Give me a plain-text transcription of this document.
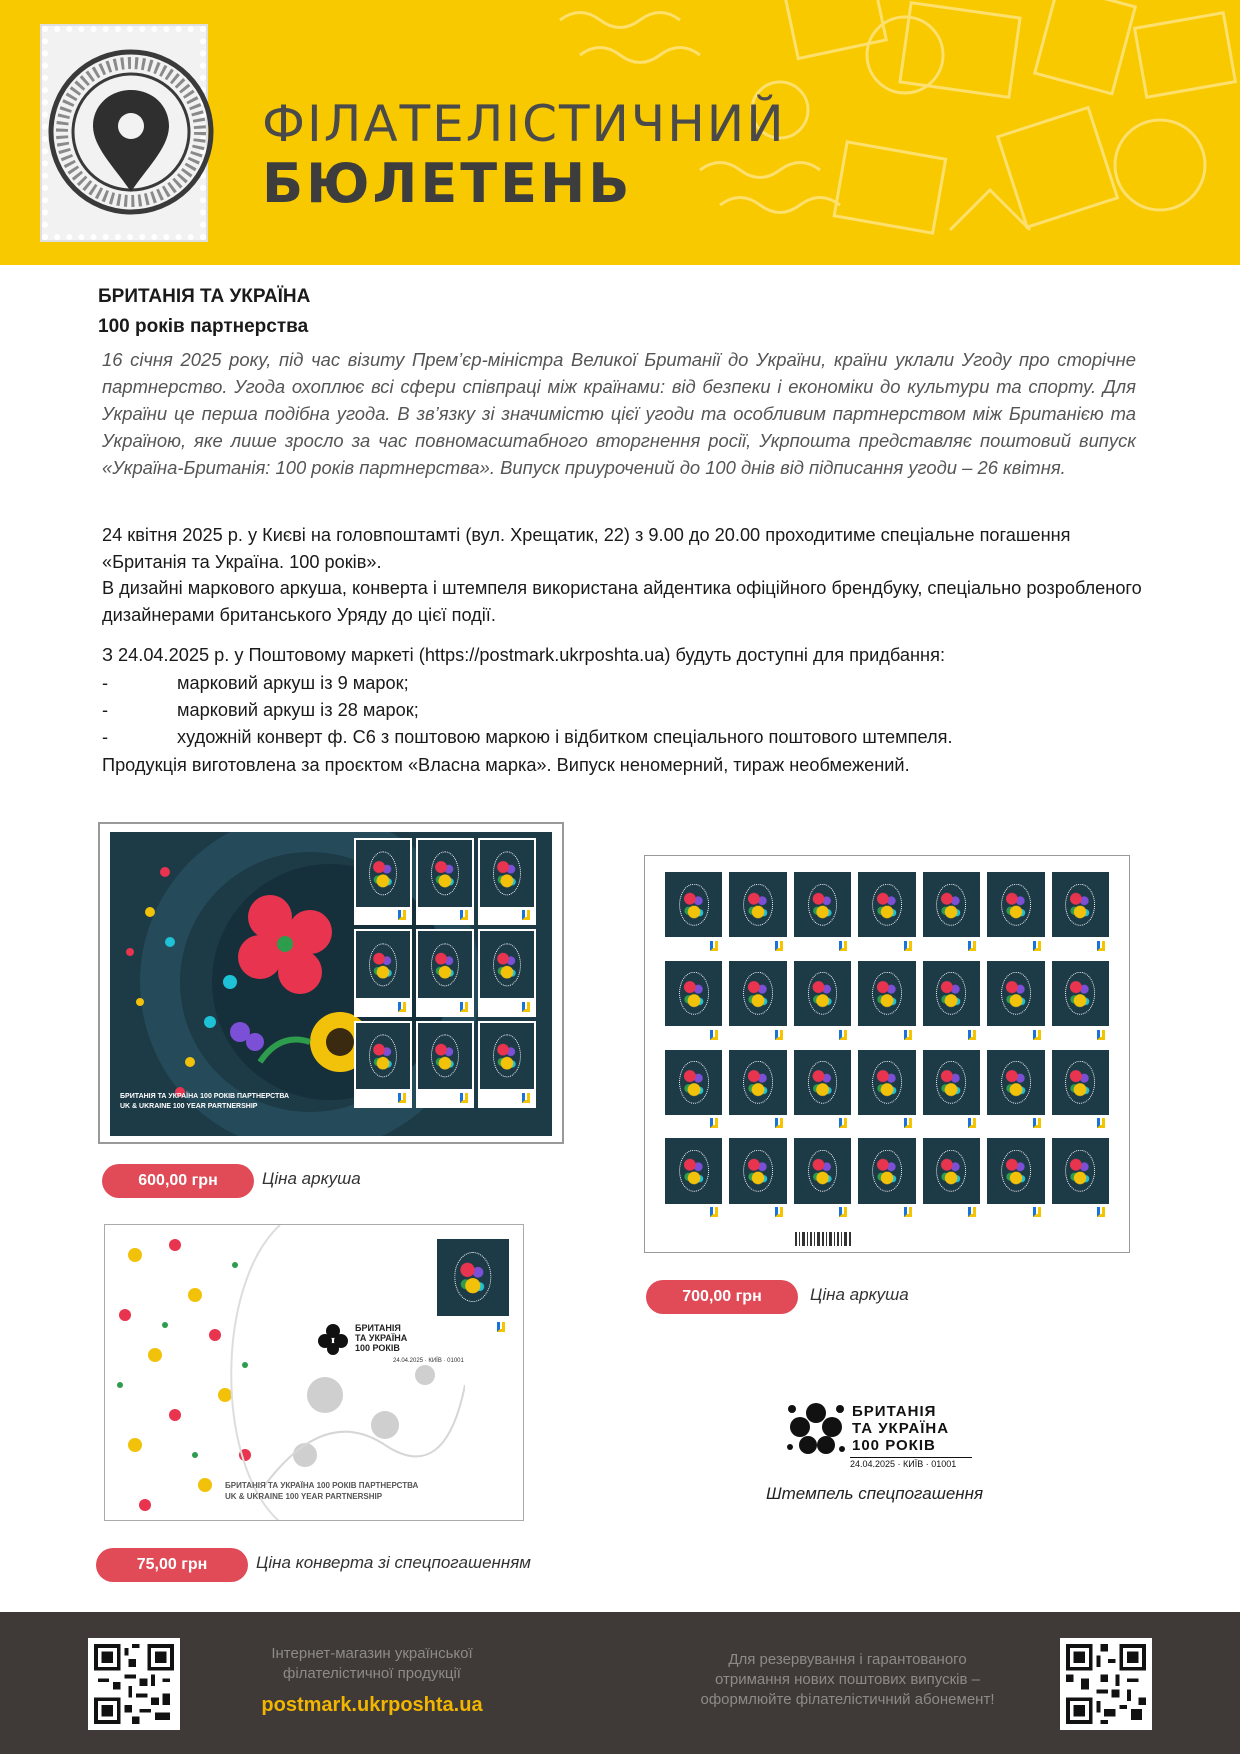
ФІЛАТЕЛІСТИЧНИЙ
БЮЛЕТЕНЬ
БРИТАНІЯ ТА УКРАЇНА
100 років партнерства

16 січня 2025 року, під час візиту Прем’єр-міністра Великої Британії до України, країни уклали Угоду про сторічне партнерство. Угода охоплює всі сфери співпраці між країнами: від безпеки і економіки до культури та спорту. Для України це перша подібна угода. В зв’язку зі значимістю цієї угоди та особливим партнерством між Британією та Україною, яке лише зросло за час повномасштабного вторгнення росії, Укрпошта представляє поштовий випуск «Україна-Британія: 100 років партнерства». Випуск приурочений до 100 днів від підписання угоди – 26 квітня.

24 квітня 2025 р. у Києві на головпоштамті (вул. Хрещатик, 22) з 9.00 до 20.00 проходитиме спеціальне погашення «Британія та Україна. 100 років».

В дизайні маркового аркуша, конверта і штемпеля використана айдентика офіційного брендбуку, спеціально розробленого дизайнерами британського Уряду до цієї події.

З 24.04.2025 р. у Поштовому маркеті (https://postmark.ukrposhta.ua) будуть доступні для придбання:

- марковий аркуш із 9 марок;
- марковий аркуш із 28 марок;
- художній конверт ф. С6 з поштовою маркою і відбитком спеціального поштового штемпеля.

Продукція виготовлена за проєктом «Власна марка». Випуск неномерний, тираж необмежений.

БРИТАНІЯ ТА УКРАЇНА 100 РОКІВ ПАРТНЕРСТВА
UK & UKRAINE 100 YEAR PARTNERSHIP
600,00 грн	Ціна аркуша
700,00 грн	Ціна аркуша
БРИТАНІЯ
ТА УКРАЇНА
100 РОКІВ
24.04.2025 · КИЇВ · 01001
БРИТАНІЯ ТА УКРАЇНА 100 РОКІВ ПАРТНЕРСТВА
UK & UKRAINE 100 YEAR PARTNERSHIP
75,00 грн	Ціна конверта зі спецпогашенням
БРИТАНІЯ
ТА УКРАЇНА
100 РОКІВ
24.04.2025 · КИЇВ · 01001
Штемпель спецпогашення
Інтернет-магазин української
філателістичної продукції
postmark.ukrposhta.ua
Для резервування і гарантованого
отримання нових поштових випусків –
оформлюйте філателістичний абонемент!
